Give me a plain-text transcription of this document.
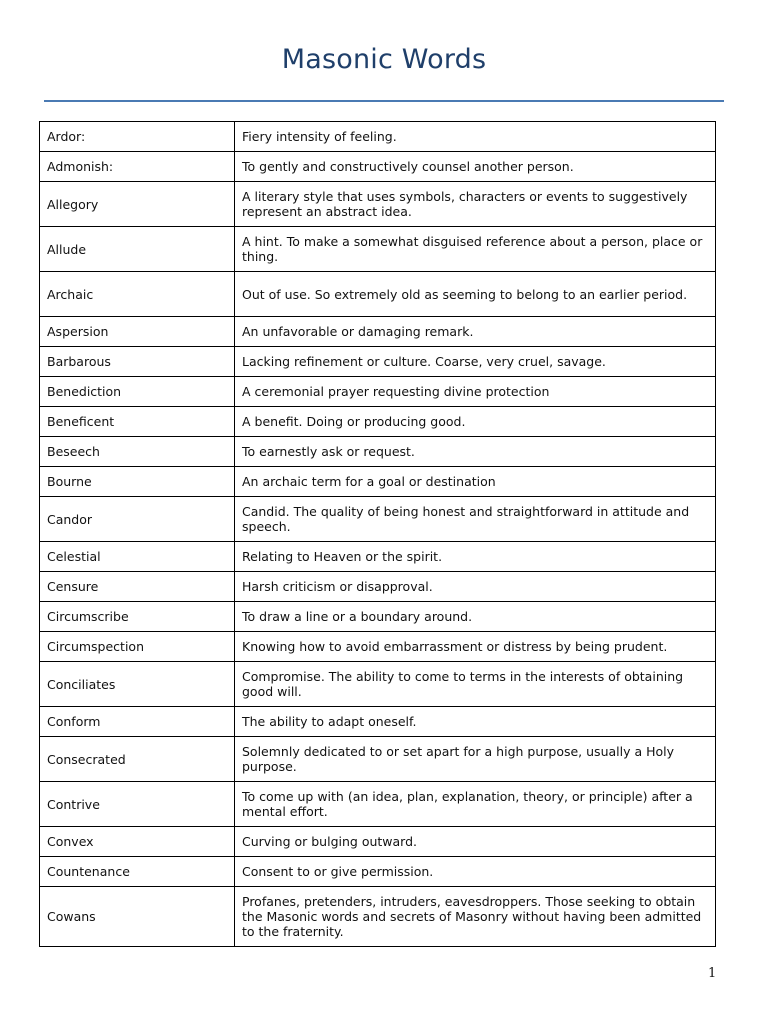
Masonic Words
Ardor:	Fiery intensity of feeling.
Admonish:	To gently and constructively counsel another person.
Allegory	A literary style that uses symbols, characters or events to suggestively represent an abstract idea.
Allude	A hint. To make a somewhat disguised reference about a person, place or thing.
Archaic	Out of use. So extremely old as seeming to belong to an earlier period.
Aspersion	An unfavorable or damaging remark.
Barbarous	Lacking refinement or culture. Coarse, very cruel, savage.
Benediction	A ceremonial prayer requesting divine protection
Beneficent	A benefit. Doing or producing good.
Beseech	To earnestly ask or request.
Bourne	An archaic term for a goal or destination
Candor	Candid. The quality of being honest and straightforward in attitude and speech.
Celestial	Relating to Heaven or the spirit.
Censure	Harsh criticism or disapproval.
Circumscribe	To draw a line or a boundary around.
Circumspection	Knowing how to avoid embarrassment or distress by being prudent.
Conciliates	Compromise. The ability to come to terms in the interests of obtaining good will.
Conform	The ability to adapt oneself.
Consecrated	Solemnly dedicated to or set apart for a high purpose, usually a Holy purpose.
Contrive	To come up with (an idea, plan, explanation, theory, or principle) after a mental effort.
Convex	Curving or bulging outward.
Countenance	Consent to or give permission.
Cowans	Profanes, pretenders, intruders, eavesdroppers. Those seeking to obtain the Masonic words and secrets of Masonry without having been admitted to the fraternity.
1
